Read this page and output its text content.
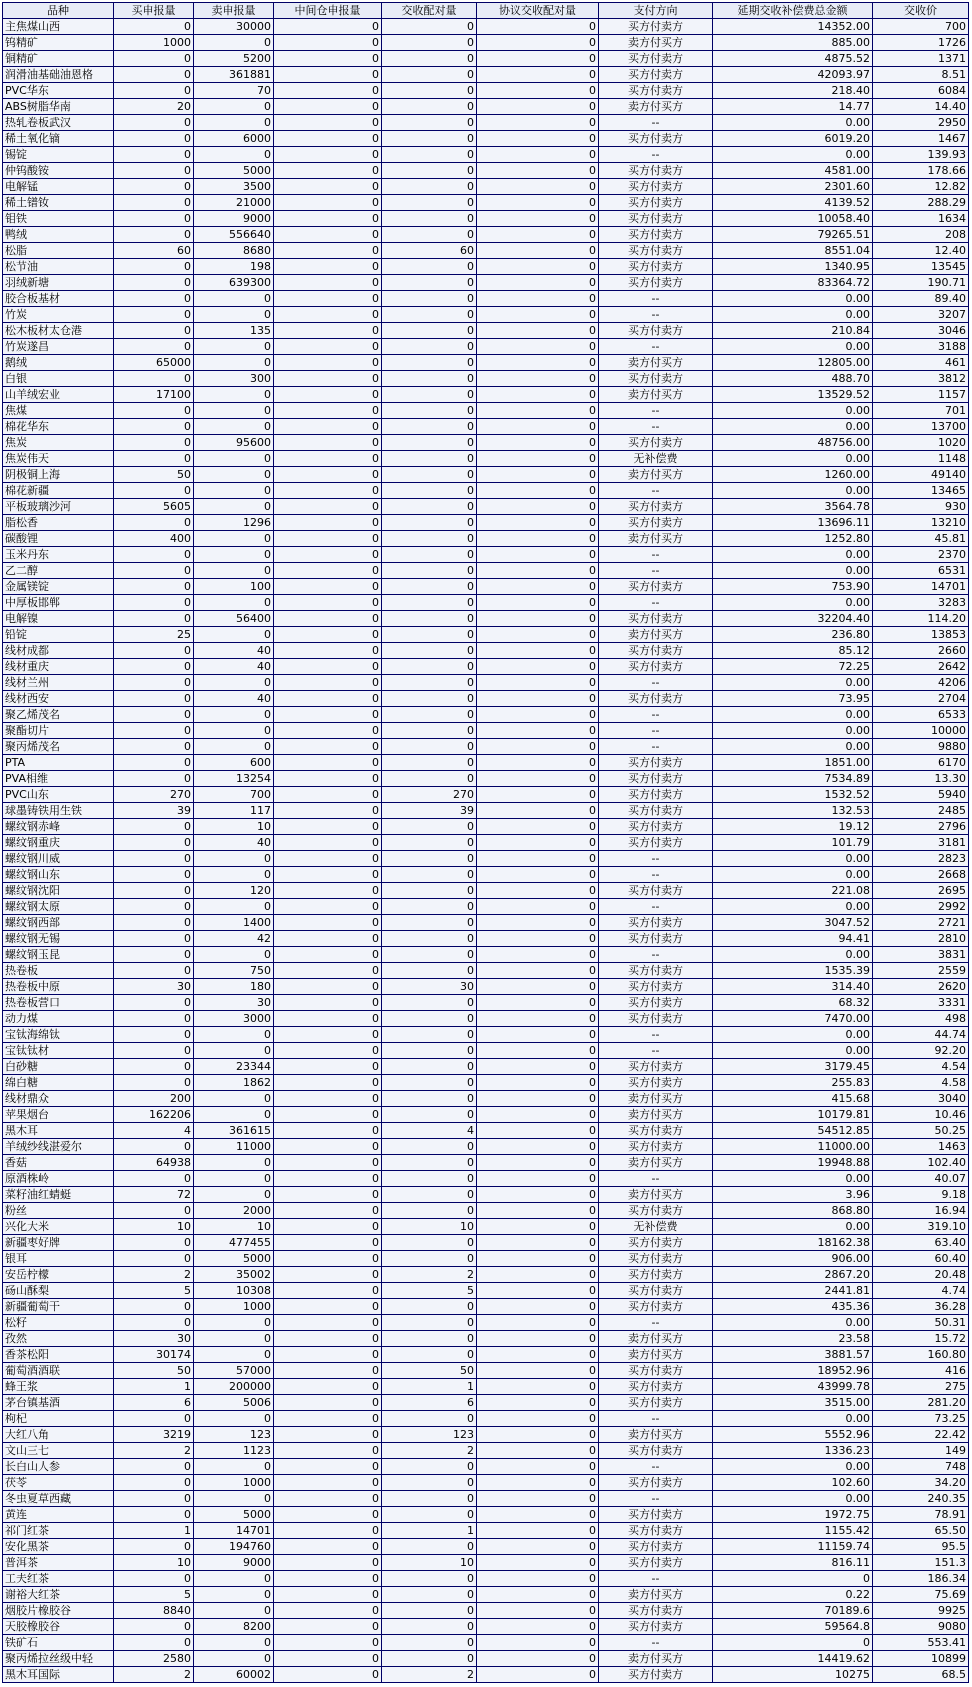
品种	买申报量	卖申报量	中间仓申报量	交收配对量	协议交收配对量	支付方向	延期交收补偿费总金额	交收价
主焦煤山西	0	30000	0	0	0	买方付卖方	14352.00	700
钨精矿	1000	0	0	0	0	卖方付买方	885.00	1726
铜精矿	0	5200	0	0	0	买方付卖方	4875.52	1371
润滑油基础油恩格	0	361881	0	0	0	买方付卖方	42093.97	8.51
PVC华东	0	70	0	0	0	买方付卖方	218.40	6084
ABS树脂华南	20	0	0	0	0	卖方付买方	14.77	14.40
热轧卷板武汉	0	0	0	0	0	--	0.00	2950
稀土氧化镝	0	6000	0	0	0	买方付卖方	6019.20	1467
锡锭	0	0	0	0	0	--	0.00	139.93
仲钨酸铵	0	5000	0	0	0	买方付卖方	4581.00	178.66
电解锰	0	3500	0	0	0	买方付卖方	2301.60	12.82
稀土镨钕	0	21000	0	0	0	买方付卖方	4139.52	288.29
钼铁	0	9000	0	0	0	买方付卖方	10058.40	1634
鸭绒	0	556640	0	0	0	买方付卖方	79265.51	208
松脂	60	8680	0	60	0	买方付卖方	8551.04	12.40
松节油	0	198	0	0	0	买方付卖方	1340.95	13545
羽绒新塘	0	639300	0	0	0	买方付卖方	83364.72	190.71
胶合板基材	0	0	0	0	0	--	0.00	89.40
竹炭	0	0	0	0	0	--	0.00	3207
松木板材太仓港	0	135	0	0	0	买方付卖方	210.84	3046
竹炭遂昌	0	0	0	0	0	--	0.00	3188
鹅绒	65000	0	0	0	0	卖方付买方	12805.00	461
白银	0	300	0	0	0	买方付卖方	488.70	3812
山羊绒宏业	17100	0	0	0	0	卖方付买方	13529.52	1157
焦煤	0	0	0	0	0	--	0.00	701
棉花华东	0	0	0	0	0	--	0.00	13700
焦炭	0	95600	0	0	0	买方付卖方	48756.00	1020
焦炭伟天	0	0	0	0	0	无补偿费	0.00	1148
阴极铜上海	50	0	0	0	0	卖方付买方	1260.00	49140
棉花新疆	0	0	0	0	0	--	0.00	13465
平板玻璃沙河	5605	0	0	0	0	买方付卖方	3564.78	930
脂松香	0	1296	0	0	0	买方付卖方	13696.11	13210
碳酸锂	400	0	0	0	0	卖方付买方	1252.80	45.81
玉米丹东	0	0	0	0	0	--	0.00	2370
乙二醇	0	0	0	0	0	--	0.00	6531
金属镁锭	0	100	0	0	0	买方付卖方	753.90	14701
中厚板邯郸	0	0	0	0	0	--	0.00	3283
电解镍	0	56400	0	0	0	买方付卖方	32204.40	114.20
铅锭	25	0	0	0	0	卖方付买方	236.80	13853
线材成都	0	40	0	0	0	买方付卖方	85.12	2660
线材重庆	0	40	0	0	0	买方付卖方	72.25	2642
线材兰州	0	0	0	0	0	--	0.00	4206
线材西安	0	40	0	0	0	买方付卖方	73.95	2704
聚乙烯茂名	0	0	0	0	0	--	0.00	6533
聚酯切片	0	0	0	0	0	--	0.00	10000
聚丙烯茂名	0	0	0	0	0	--	0.00	9880
PTA	0	600	0	0	0	买方付卖方	1851.00	6170
PVA相维	0	13254	0	0	0	买方付卖方	7534.89	13.30
PVC山东	270	700	0	270	0	买方付卖方	1532.52	5940
球墨铸铁用生铁	39	117	0	39	0	买方付卖方	132.53	2485
螺纹钢赤峰	0	10	0	0	0	买方付卖方	19.12	2796
螺纹钢重庆	0	40	0	0	0	买方付卖方	101.79	3181
螺纹钢川威	0	0	0	0	0	--	0.00	2823
螺纹钢山东	0	0	0	0	0	--	0.00	2668
螺纹钢沈阳	0	120	0	0	0	买方付卖方	221.08	2695
螺纹钢太原	0	0	0	0	0	--	0.00	2992
螺纹钢西部	0	1400	0	0	0	买方付卖方	3047.52	2721
螺纹钢无锡	0	42	0	0	0	买方付卖方	94.41	2810
螺纹钢玉昆	0	0	0	0	0	--	0.00	3831
热卷板	0	750	0	0	0	买方付卖方	1535.39	2559
热卷板中原	30	180	0	30	0	买方付卖方	314.40	2620
热卷板营口	0	30	0	0	0	买方付卖方	68.32	3331
动力煤	0	3000	0	0	0	买方付卖方	7470.00	498
宝钛海绵钛	0	0	0	0	0	--	0.00	44.74
宝钛钛材	0	0	0	0	0	--	0.00	92.20
白砂糖	0	23344	0	0	0	买方付卖方	3179.45	4.54
绵白糖	0	1862	0	0	0	买方付卖方	255.83	4.58
线材鼎众	200	0	0	0	0	卖方付买方	415.68	3040
苹果烟台	162206	0	0	0	0	卖方付买方	10179.81	10.46
黑木耳	4	361615	0	4	0	买方付卖方	54512.85	50.25
羊绒纱线湛爱尔	0	11000	0	0	0	买方付卖方	11000.00	1463
香菇	64938	0	0	0	0	卖方付买方	19948.88	102.40
原酒株岭	0	0	0	0	0	--	0.00	40.07
菜籽油红蜻蜓	72	0	0	0	0	卖方付买方	3.96	9.18
粉丝	0	2000	0	0	0	买方付卖方	868.80	16.94
兴化大米	10	10	0	10	0	无补偿费	0.00	319.10
新疆枣好牌	0	477455	0	0	0	买方付卖方	18162.38	63.40
银耳	0	5000	0	0	0	买方付卖方	906.00	60.40
安岳柠檬	2	35002	0	2	0	买方付卖方	2867.20	20.48
砀山酥梨	5	10308	0	5	0	买方付卖方	2441.81	4.74
新疆葡萄干	0	1000	0	0	0	买方付卖方	435.36	36.28
松籽	0	0	0	0	0	--	0.00	50.31
孜然	30	0	0	0	0	卖方付买方	23.58	15.72
香茶松阳	30174	0	0	0	0	卖方付买方	3881.57	160.80
葡萄酒酒联	50	57000	0	50	0	买方付卖方	18952.96	416
蜂王浆	1	200000	0	1	0	买方付卖方	43999.78	275
茅台镇基酒	6	5006	0	6	0	买方付卖方	3515.00	281.20
枸杞	0	0	0	0	0	--	0.00	73.25
大红八角	3219	123	0	123	0	卖方付买方	5552.96	22.42
文山三七	2	1123	0	2	0	买方付卖方	1336.23	149
长白山人参	0	0	0	0	0	--	0.00	748
茯苓	0	1000	0	0	0	买方付卖方	102.60	34.20
冬虫夏草西藏	0	0	0	0	0	--	0.00	240.35
黄连	0	5000	0	0	0	买方付卖方	1972.75	78.91
祁门红茶	1	14701	0	1	0	买方付卖方	1155.42	65.50
安化黑茶	0	194760	0	0	0	买方付卖方	11159.74	95.5
普洱茶	10	9000	0	10	0	买方付卖方	816.11	151.3
工夫红茶	0	0	0	0	0	--	0	186.34
谢裕大红茶	5	0	0	0	0	卖方付买方	0.22	75.69
烟胶片橡胶谷	8840	0	0	0	0	买方付卖方	70189.6	9925
天胶橡胶谷	0	8200	0	0	0	买方付卖方	59564.8	9080
铁矿石	0	0	0	0	0	--	0	553.41
聚丙烯拉丝级中轻	2580	0	0	0	0	卖方付买方	14419.62	10899
黑木耳国际	2	60002	0	2	0	买方付卖方	10275	68.5
